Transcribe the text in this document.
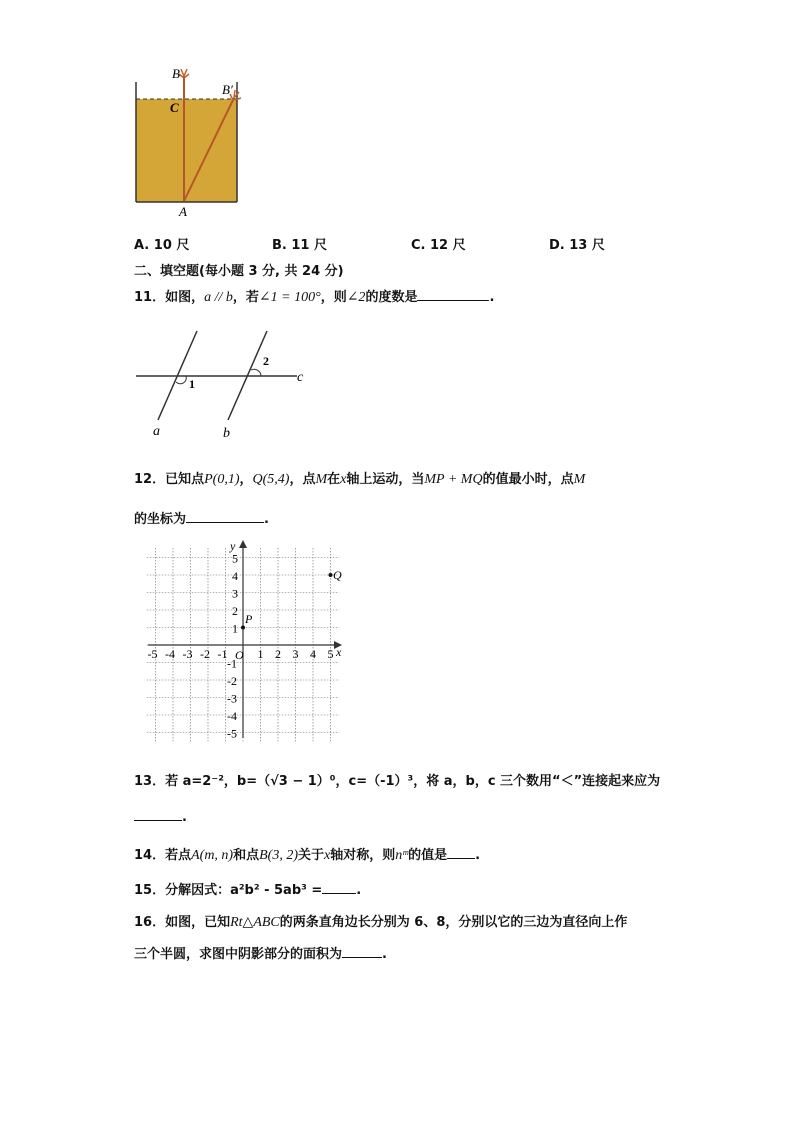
B
C
B′
A
A. 10 尺	B. 11 尺	C. 12 尺	D. 13 尺
二、填空题(每小题 3 分, 共 24 分)
11．如图，a // b，若∠1 = 100°，则∠2的度数是	.
1
2
a	b
c
12．已知点P(0,1)，Q(5,4)，点M在x轴上运动，当MP + MQ的值最小时，点M
的坐标为	.
x
y
O
-5 -4 -3 -2 -1	1 2 3 4 5
5
4
3
2
1
-1
-2
-3
-4
-5
P
Q
13．若 a=2⁻²，b=（√3 − 1）⁰，c=（-1）³，将 a，b，c 三个数用“＜”连接起来应为
.
14．若点A(m, n)和点B(3, 2)关于x轴对称，则nᵐ的值是 .
15．分解因式：a²b² - 5ab³ =	.
16．如图，已知Rt△ABC的两条直角边长分别为 6、8，分别以它的三边为直径向上作
三个半圆，求图中阴影部分的面积为	.
